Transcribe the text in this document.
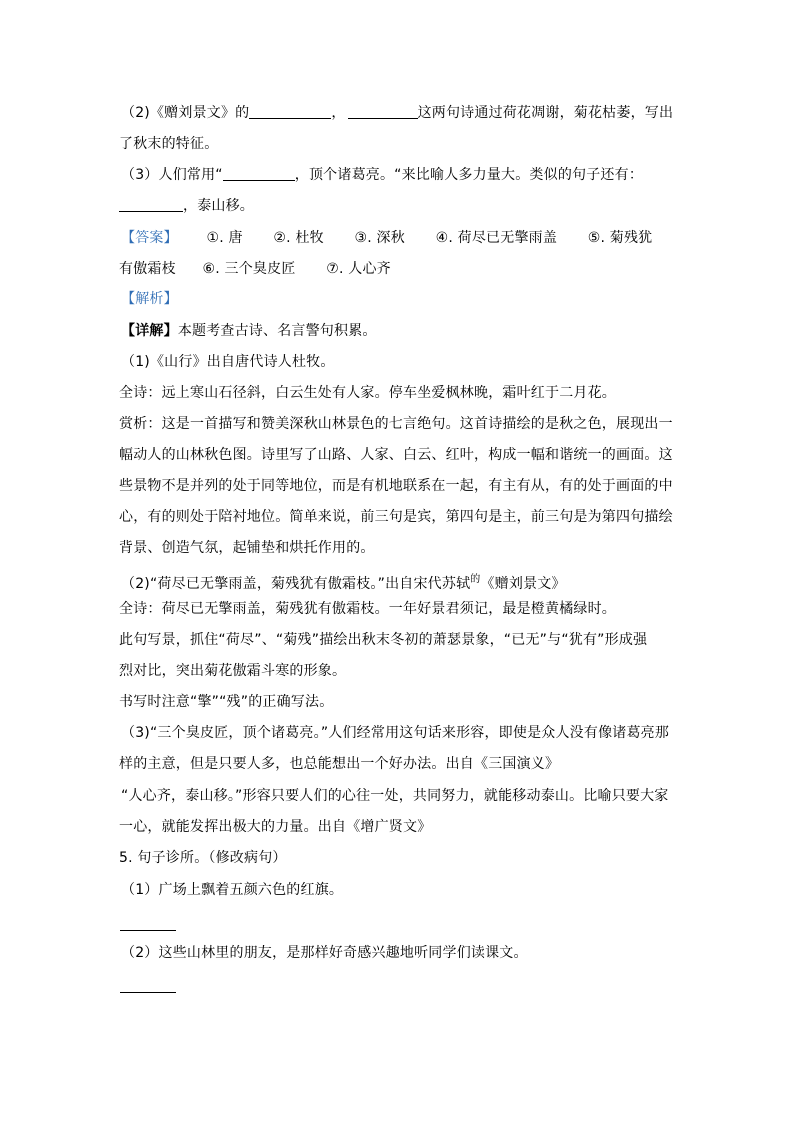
（2)《赠刘景文》的	，	这两句诗通过荷花凋谢，菊花枯萎，写出
了秋末的特征。
（3）人们常用“	，顶个诸葛亮。“来比喻人多力量大。类似的句子还有：
，泰山移。
【答案】 ①. 唐 ②. 杜牧 ③. 深秋 ④. 荷尽已无擎雨盖 ⑤. 菊残犹
有傲霜枝 ⑥. 三个臭皮匠 ⑦. 人心齐
【解析】
【详解】本题考查古诗、名言警句积累。
（1)《山行》出自唐代诗人杜牧。
全诗：远上寒山石径斜，白云生处有人家。停车坐爱枫林晚，霜叶红于二月花。
赏析：这是一首描写和赞美深秋山林景色的七言绝句。这首诗描绘的是秋之色，展现出一
幅动人的山林秋色图。诗里写了山路、人家、白云、红叶，构成一幅和谐统一的画面。这
些景物不是并列的处于同等地位，而是有机地联系在一起，有主有从，有的处于画面的中
心，有的则处于陪衬地位。简单来说，前三句是宾，第四句是主，前三句是为第四句描绘
背景、创造气氛，起铺垫和烘托作用的。
（2)“荷尽已无擎雨盖，菊残犹有傲霜枝。”出自宋代苏轼$^的$《赠刘景文》
全诗：荷尽已无擎雨盖，菊残犹有傲霜枝。一年好景君须记，最是橙黄橘绿时。
此句写景，抓住“荷尽”、“菊残”描绘出秋末冬初的萧瑟景象，“已无”与“犹有”形成强
烈对比，突出菊花傲霜斗寒的形象。
书写时注意“擎”“残”的正确写法。
（3)“三个臭皮匠，顶个诸葛亮。”人们经常用这句话来形容，即使是众人没有像诸葛亮那
样的主意，但是只要人多，也总能想出一个好办法。出自《三国演义》
“人心齐，泰山移。”形容只要人们的心往一处，共同努力，就能移动泰山。比喻只要大家
一心，就能发挥出极大的力量。出自《增广贤文》
5. 句子诊所。（修改病句）
（1）广场上飘着五颜六色的红旗。
（2）这些山林里的朋友，是那样好奇感兴趣地听同学们读课文。
